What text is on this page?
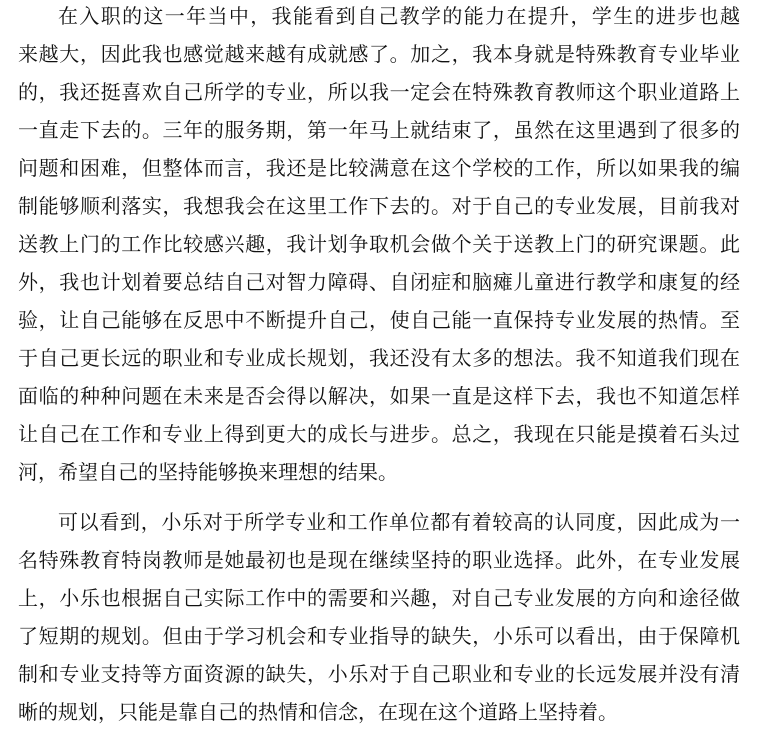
在入职的这一年当中，我能看到自己教学的能力在提升，学生的进步也越
来越大，因此我也感觉越来越有成就感了。加之，我本身就是特殊教育专业毕业
的，我还挺喜欢自己所学的专业，所以我一定会在特殊教育教师这个职业道路上
一直走下去的。三年的服务期，第一年马上就结束了，虽然在这里遇到了很多的
问题和困难，但整体而言，我还是比较满意在这个学校的工作，所以如果我的编
制能够顺利落实，我想我会在这里工作下去的。对于自己的专业发展，目前我对
送教上门的工作比较感兴趣，我计划争取机会做个关于送教上门的研究课题。此
外，我也计划着要总结自己对智力障碍、自闭症和脑瘫儿童进行教学和康复的经
验，让自己能够在反思中不断提升自己，使自己能一直保持专业发展的热情。至
于自己更长远的职业和专业成长规划，我还没有太多的想法。我不知道我们现在
面临的种种问题在未来是否会得以解决，如果一直是这样下去，我也不知道怎样
让自己在工作和专业上得到更大的成长与进步。总之，我现在只能是摸着石头过
河，希望自己的坚持能够换来理想的结果。
可以看到，小乐对于所学专业和工作单位都有着较高的认同度，因此成为一
名特殊教育特岗教师是她最初也是现在继续坚持的职业选择。此外，在专业发展
上，小乐也根据自己实际工作中的需要和兴趣，对自己专业发展的方向和途径做
了短期的规划。但由于学习机会和专业指导的缺失，小乐可以看出，由于保障机
制和专业支持等方面资源的缺失，小乐对于自己职业和专业的长远发展并没有清
晰的规划，只能是靠自己的热情和信念，在现在这个道路上坚持着。
